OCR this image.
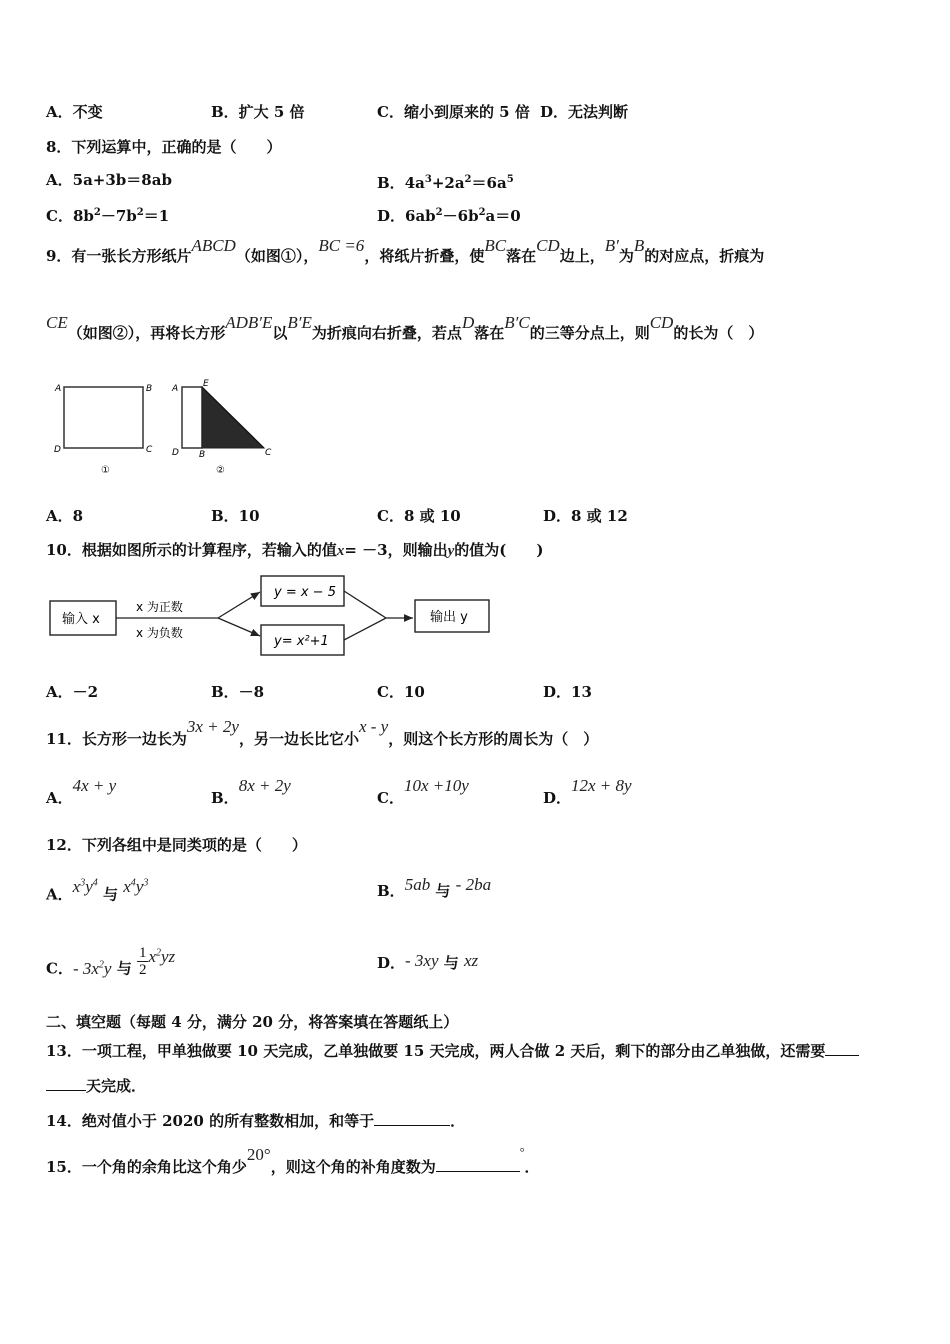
A．不变	B．扩大 5 倍	C．缩小到原来的 5 倍 D．无法判断
8．下列运算中，正确的是（　　）
A．5a+3b＝8ab	B．$4a^3+2a^2=6a^5$
C．$8b^2-7b^2=1$	D．$6ab^2-6b^2a=0$
9．有一张长方形纸片ABCD（如图①），BC =6，将纸片折叠，使BC落在CD边上，B′为B的对应点，折痕为
CE（如图②），再将长方形ADB′E以B′E为折痕向右折叠，若点D落在B′C的三等分点上，则CD的长为（　）
A	B
D	C
①
A	E
D B	C
②
A．8	B．10	C．8 或 10	D．8 或 12
10．根据如图所示的计算程序，若输入的值x= －3，则输出y的值为(　　)
输入 x
x 为正数
x 为负数
y = x − 5
y= x²+1
输出 y
A．－2	B．－8	C．10	D．13
11．长方形一边长为3x + 2y，另一边长比它小x - y，则这个长方形的周长为（　）
A．4x + y
B．8x + 2y
C．10x +10y
D．12x + 8y
12．下列各组中是同类项的是（　　）
A．$x^3y^4$ 与 $x^4y^3$	B．5ab 与 - 2ba
C．- $3x^2y$ 与 $\frac{1}{2} x^2yz$	D．- 3xy 与 xz
二、填空题（每题 4 分，满分 20 分，将答案填在答题纸上）
13．一项工程，甲单独做要 10 天完成，乙单独做要 15 天完成，两人合做 2 天后，剩下的部分由乙单独做，还需要
天完成．
14．绝对值小于 2020 的所有整数相加，和等于	．
15．一个角的余角比这个角少20°，则这个角的补角度数为°．
